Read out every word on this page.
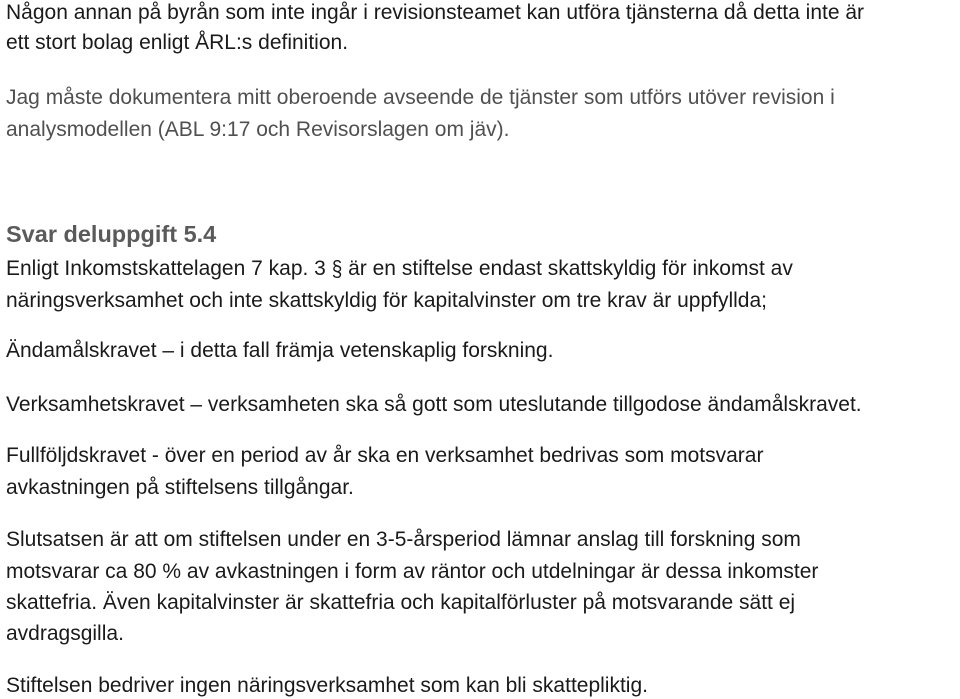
Någon annan på byrån som inte ingår i revisionsteamet kan utföra tjänsterna då detta inte är
ett stort bolag enligt ÅRL:s definition.
Jag måste dokumentera mitt oberoende avseende de tjänster som utförs utöver revision i
analysmodellen (ABL 9:17 och Revisorslagen om jäv).
Svar deluppgift 5.4
Enligt Inkomstskattelagen 7 kap. 3 § är en stiftelse endast skattskyldig för inkomst av
näringsverksamhet och inte skattskyldig för kapitalvinster om tre krav är uppfyllda;
Ändamålskravet – i detta fall främja vetenskaplig forskning.
Verksamhetskravet – verksamheten ska så gott som uteslutande tillgodose ändamålskravet.
Fullföljdskravet - över en period av år ska en verksamhet bedrivas som motsvarar
avkastningen på stiftelsens tillgångar.
Slutsatsen är att om stiftelsen under en 3-5-årsperiod lämnar anslag till forskning som
motsvarar ca 80 % av avkastningen i form av räntor och utdelningar är dessa inkomster
skattefria. Även kapitalvinster är skattefria och kapitalförluster på motsvarande sätt ej
avdragsgilla.
Stiftelsen bedriver ingen näringsverksamhet som kan bli skattepliktig.
